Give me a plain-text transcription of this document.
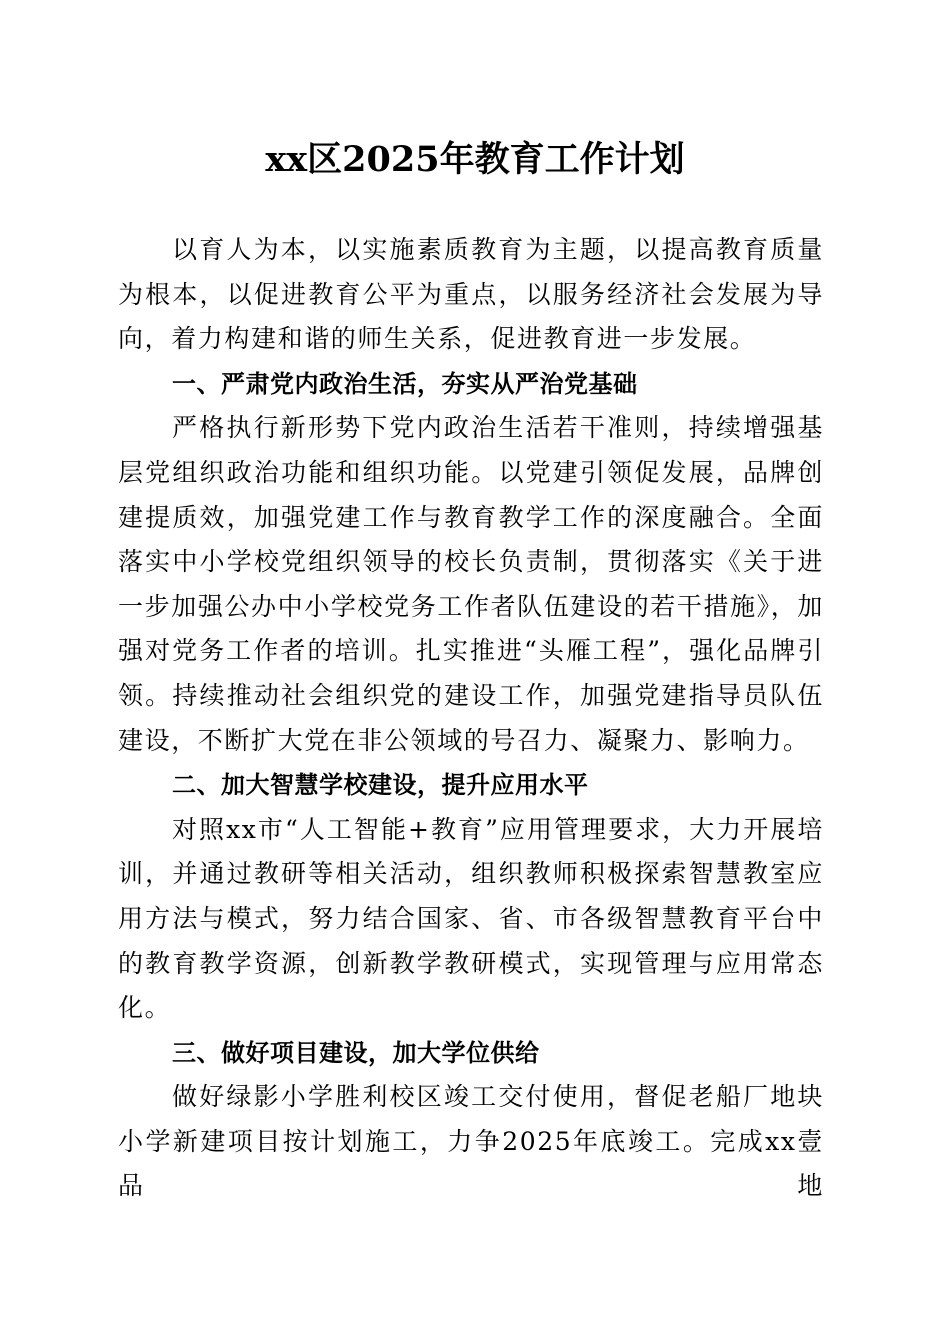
xx区2025年教育工作计划

以育人为本，以实施素质教育为主题，以提高教育质量为根本，以促进教育公平为重点，以服务经济社会发展为导向，着力构建和谐的师生关系，促进教育进一步发展。

一、严肃党内政治生活，夯实从严治党基础

严格执行新形势下党内政治生活若干准则，持续增强基层党组织政治功能和组织功能。以党建引领促发展，品牌创建提质效，加强党建工作与教育教学工作的深度融合。全面落实中小学校党组织领导的校长负责制，贯彻落实《关于进一步加强公办中小学校党务工作者队伍建设的若干措施》，加强对党务工作者的培训。扎实推进“头雁工程”，强化品牌引领。持续推动社会组织党的建设工作，加强党建指导员队伍建设，不断扩大党在非公领域的号召力、凝聚力、影响力。

二、加大智慧学校建设，提升应用水平

对照xx市“人工智能+教育”应用管理要求，大力开展培训，并通过教研等相关活动，组织教师积极探索智慧教室应用方法与模式，努力结合国家、省、市各级智慧教育平台中的教育教学资源，创新教学教研模式，实现管理与应用常态化。

三、做好项目建设，加大学位供给

做好绿影小学胜利校区竣工交付使用，督促老船厂地块小学新建项目按计划施工，力争2025年底竣工。完成xx壹品地
